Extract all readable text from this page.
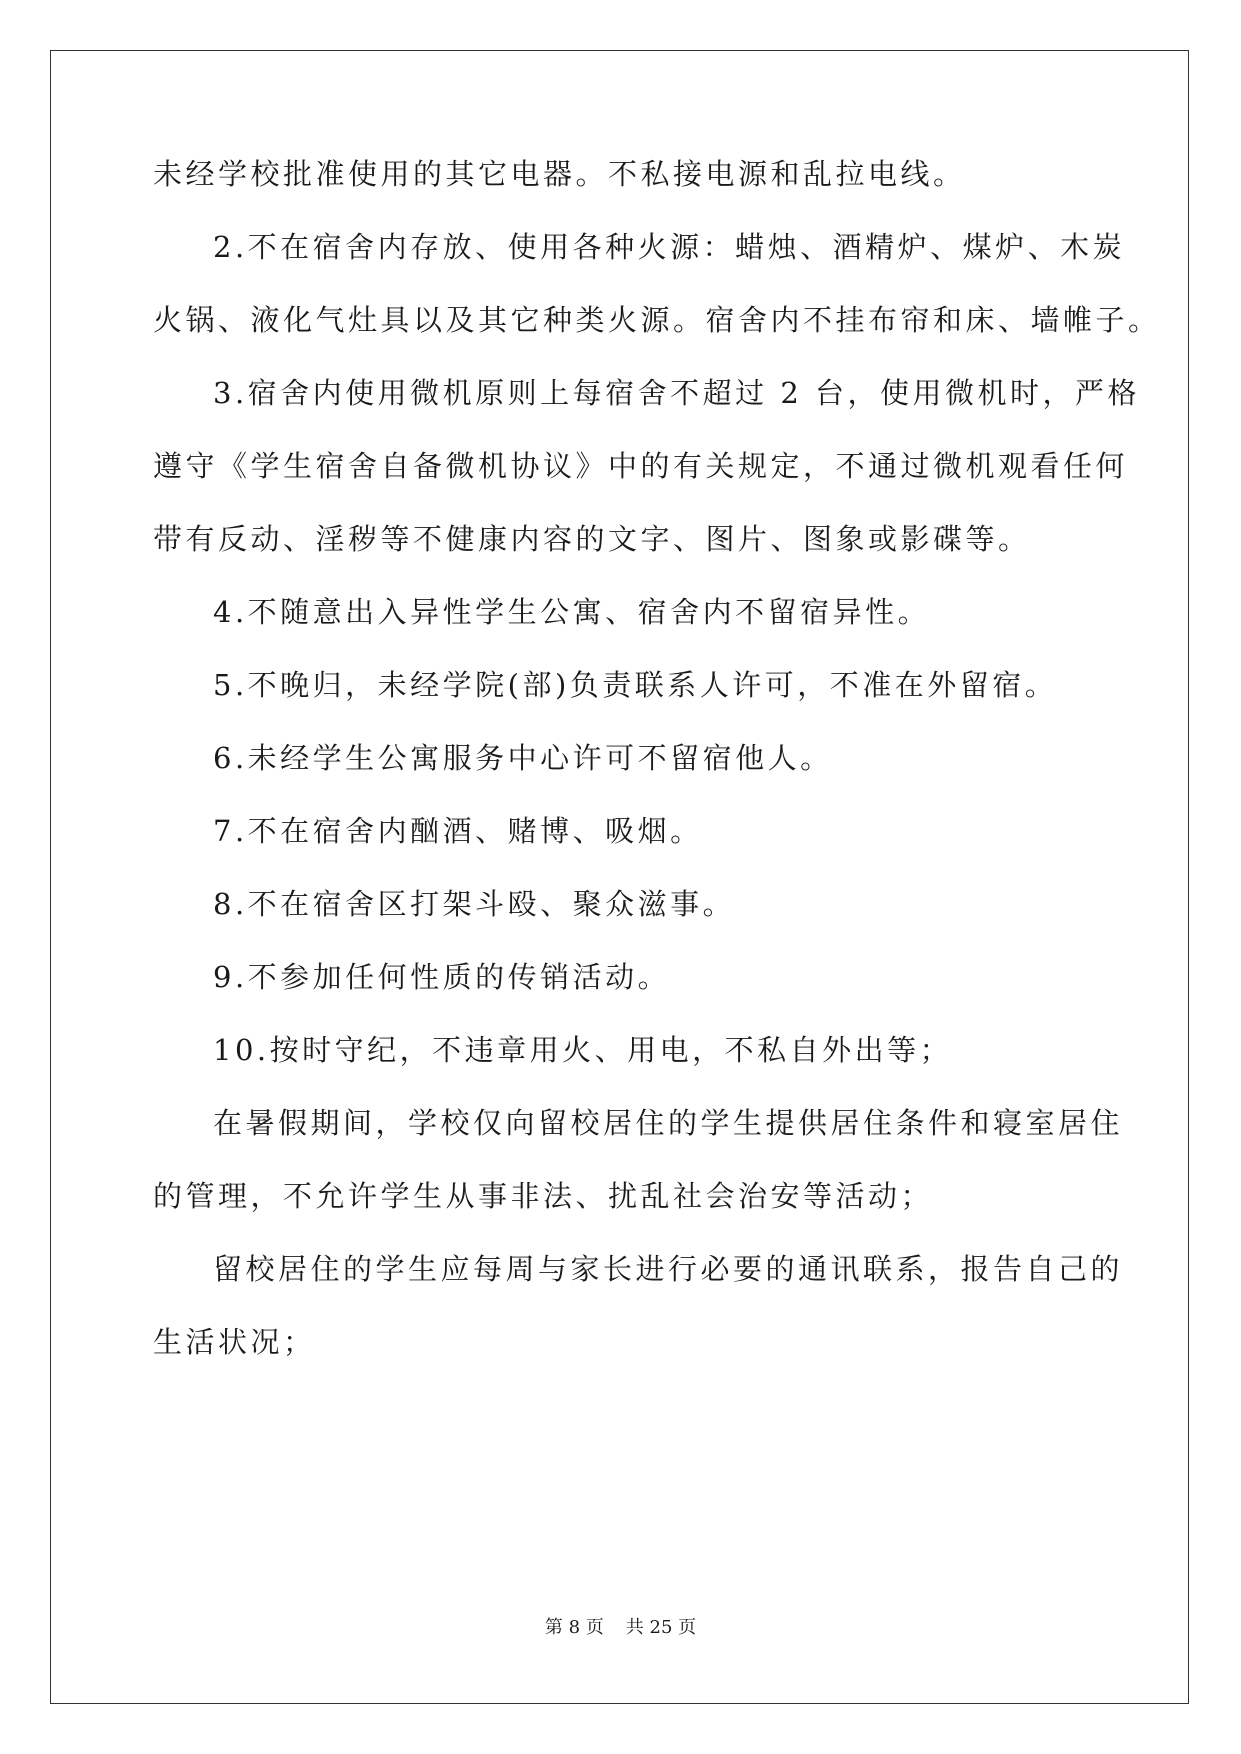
未经学校批准使用的其它电器。不私接电源和乱拉电线。
2.不在宿舍内存放、使用各种火源：蜡烛、酒精炉、煤炉、木炭
火锅、液化气灶具以及其它种类火源。宿舍内不挂布帘和床、墙帷子。
3.宿舍内使用微机原则上每宿舍不超过 2 台，使用微机时，严格
遵守《学生宿舍自备微机协议》中的有关规定，不通过微机观看任何
带有反动、淫秽等不健康内容的文字、图片、图象或影碟等。
4.不随意出入异性学生公寓、宿舍内不留宿异性。
5.不晚归，未经学院(部)负责联系人许可，不准在外留宿。
6.未经学生公寓服务中心许可不留宿他人。
7.不在宿舍内酗酒、赌博、吸烟。
8.不在宿舍区打架斗殴、聚众滋事。
9.不参加任何性质的传销活动。
10.按时守纪，不违章用火、用电，不私自外出等；
在暑假期间，学校仅向留校居住的学生提供居住条件和寝室居住
的管理，不允许学生从事非法、扰乱社会治安等活动；
留校居住的学生应每周与家长进行必要的通讯联系，报告自己的
生活状况；
第 8 页 共 25 页
